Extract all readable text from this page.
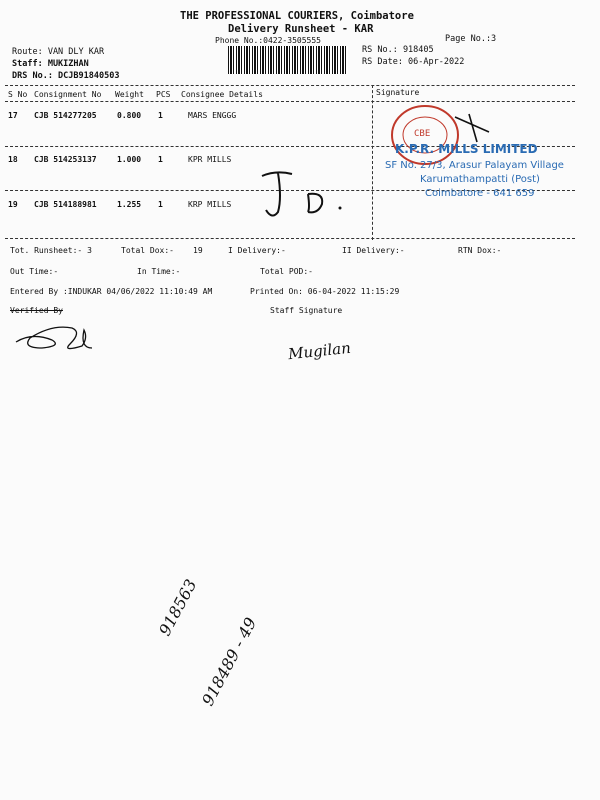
THE PROFESSIONAL COURIERS, Coimbatore
Delivery Runsheet - KAR
Phone No.:0422-3505555	Page No.:3
Route: VAN DLY KAR
Staff: MUKIZHAN
DRS No.: DCJB91840503
RS No.: 918405
RS Date: 06-Apr-2022
S No Consignment No Weight PCS Consignee Details	Signature
17 CJB 514277205	0.800 1	MARS ENGGG
18 CJB 514253137	1.000 1	KPR MILLS
19 CJB 514188981	1.255 1	KRP MILLS
CBE
K.P.R. MILLS LIMITED
SF No. 27/3, Arasur Palayam Village
Karumathampatti (Post)
Coimbatore - 641 659
Tot. Runsheet:- 3	Total Dox:- 19	I Delivery:-	II Delivery:-	RTN Dox:-
Out Time:-	In Time:-	Total POD:-
Entered By :INDUKAR 04/06/2022 11:10:49 AM	Printed On: 06-04-2022 11:15:29
Verified By	Staff Signature
Mugilan
918563
918489 - 49
